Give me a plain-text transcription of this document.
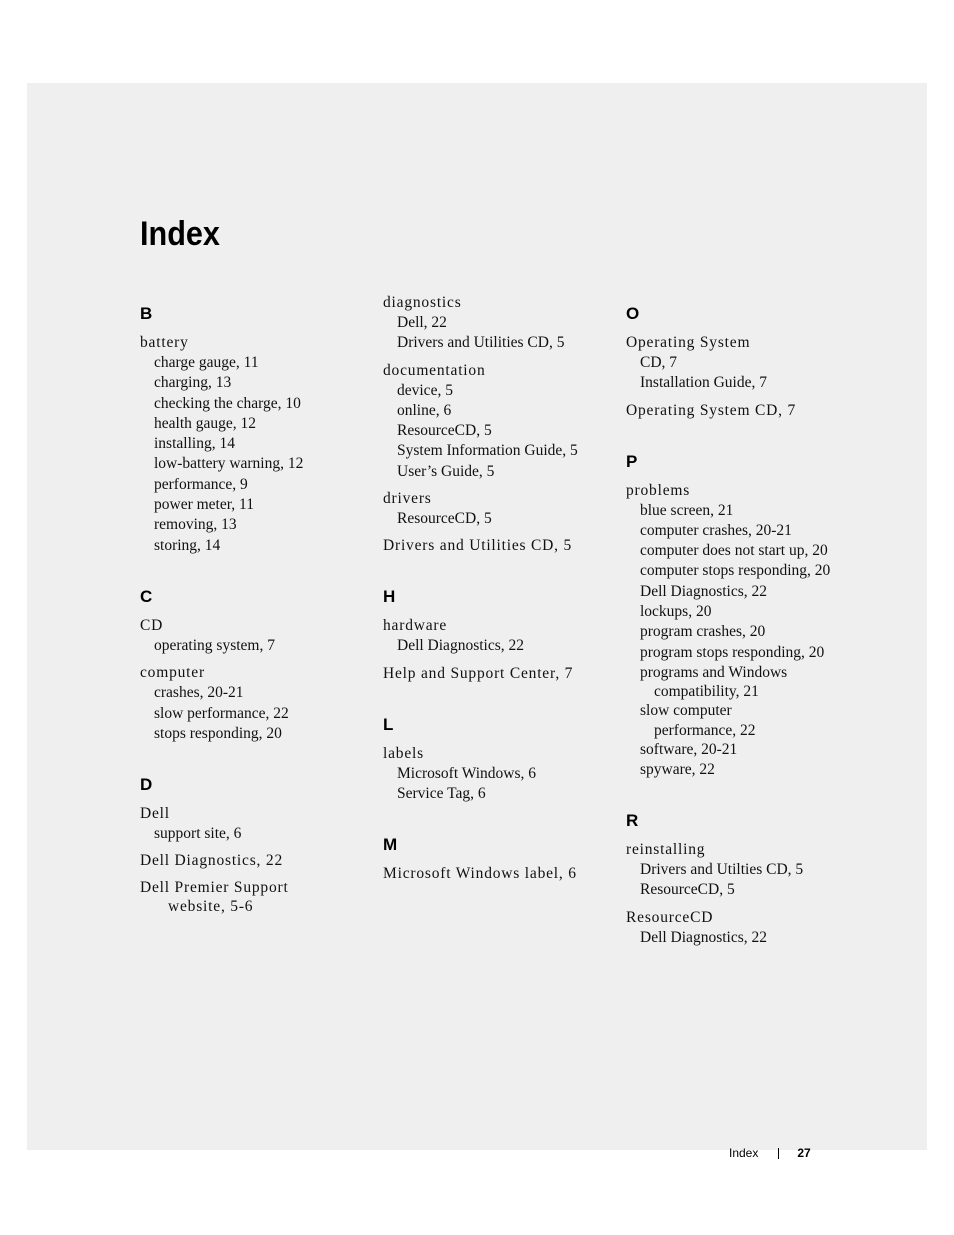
Index
B
battery
charge gauge, 11
charging, 13
checking the charge, 10
health gauge, 12
installing, 14
low-battery warning, 12
performance, 9
power meter, 11
removing, 13
storing, 14
C
CD
operating system, 7
computer
crashes, 20-21
slow performance, 22
stops responding, 20
D
Dell
support site, 6
Dell Diagnostics, 22
Dell Premier Support
website, 5-6
diagnostics
Dell, 22
Drivers and Utilities CD, 5
documentation
device, 5
online, 6
ResourceCD, 5
System Information Guide, 5
User’s Guide, 5
drivers
ResourceCD, 5
Drivers and Utilities CD, 5
H
hardware
Dell Diagnostics, 22
Help and Support Center, 7
L
labels
Microsoft Windows, 6
Service Tag, 6
M
Microsoft Windows label, 6
O
Operating System
CD, 7
Installation Guide, 7
Operating System CD, 7
P
problems
blue screen, 21
computer crashes, 20-21
computer does not start up, 20
computer stops responding, 20
Dell Diagnostics, 22
lockups, 20
program crashes, 20
program stops responding, 20
programs and Windows
compatibility, 21
slow computer
performance, 22
software, 20-21
spyware, 22
R
reinstalling
Drivers and Utilties CD, 5
ResourceCD, 5
ResourceCD
Dell Diagnostics, 22
Index	27
